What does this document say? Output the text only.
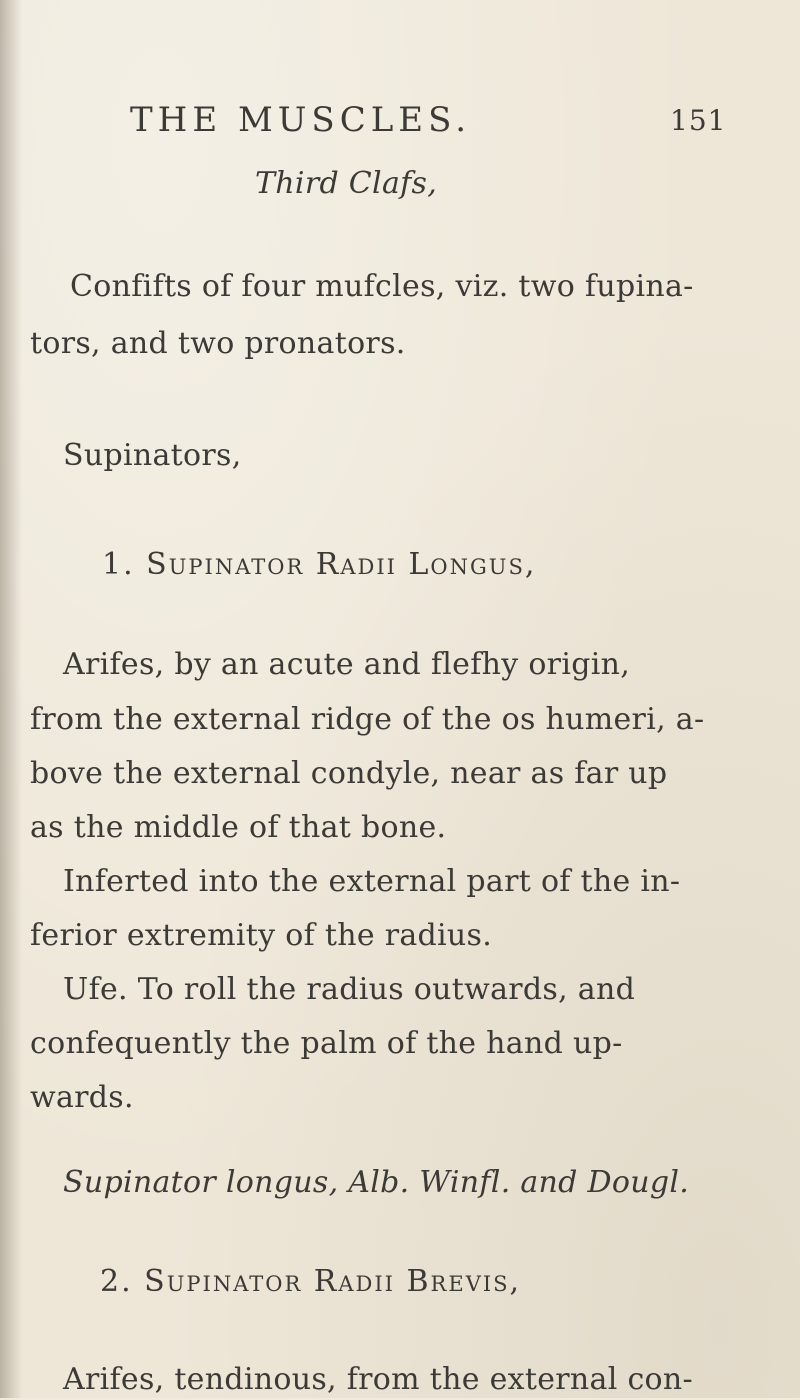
THE MUSCLES.	151
Third Clafs,
Confifts of four mufcles, viz. two fupina-
tors, and two pronators.
Supinators,
1. Supinator Radii Longus,
Arifes, by an acute and flefhy origin,
from the external ridge of the os humeri, a-
bove the external condyle, near as far up
as the middle of that bone.
Inferted into the external part of the in-
ferior extremity of the radius.
Ufe. To roll the radius outwards, and
confequently the palm of the hand up-
wards.
Supinator longus, Alb. Winfl. and Dougl.
2. Supinator Radii Brevis,
Arifes, tendinous, from the external con-
